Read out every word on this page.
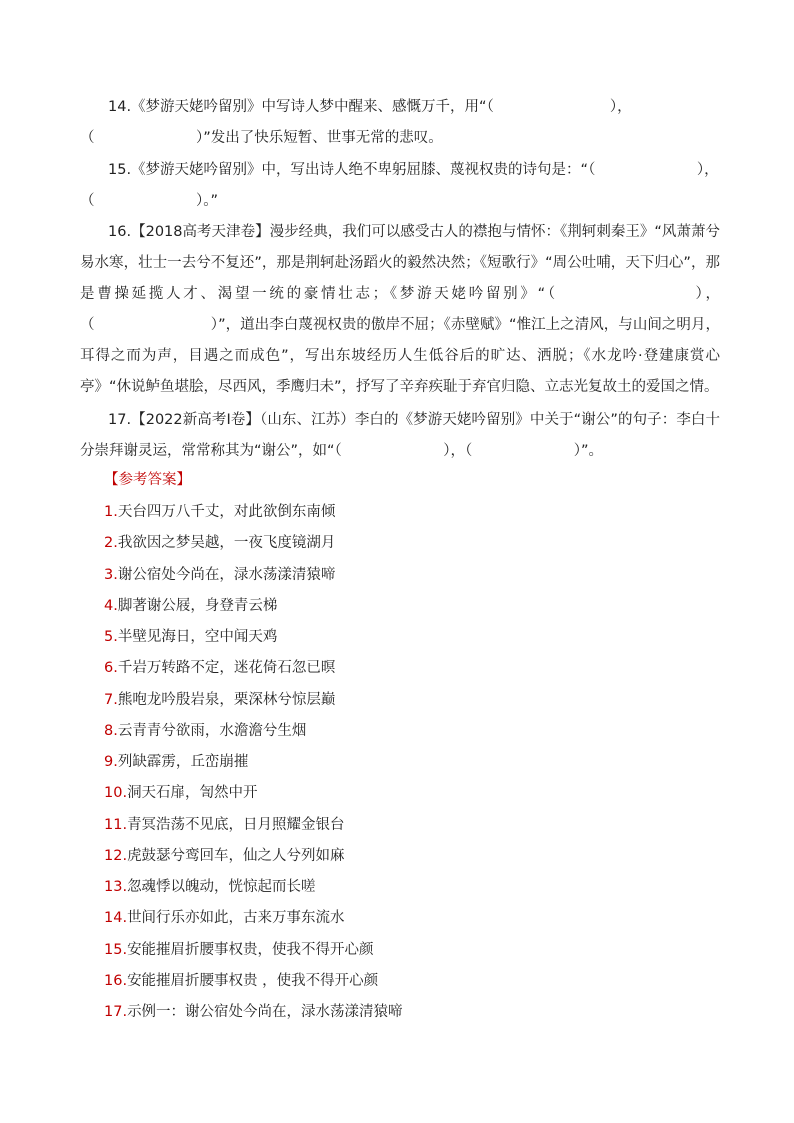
14.《梦游天姥吟留别》中写诗人梦中醒来、感慨万千，用“（　　　　　　　　），

（　　　　　　　）”发出了快乐短暂、世事无常的悲叹。

15.《梦游天姥吟留别》中，写出诗人绝不卑躬屈膝、蔑视权贵的诗句是：“（　　　　　　　），

（　　　　　　　）。”

16.【2018高考天津卷】漫步经典，我们可以感受古人的襟抱与情怀：《荆轲刺秦王》“风萧萧兮易水寒，壮士一去兮不复还”，那是荆轲赴汤蹈火的毅然决然；《短歌行》“周公吐哺，天下归心”，那是曹操延揽人才、渴望一统的豪情壮志；《梦游天姥吟留别》“（　　　　　　　　），（　　　　　　　　）”，道出李白蔑视权贵的傲岸不屈；《赤壁赋》“惟江上之清风，与山间之明月，耳得之而为声，目遇之而成色”，写出东坡经历人生低谷后的旷达、洒脱；《水龙吟·登建康赏心亭》“休说鲈鱼堪脍，尽西风，季鹰归未”，抒写了辛弃疾耻于弃官归隐、立志光复故土的爱国之情。

17.【2022新高考Ⅰ卷】（山东、江苏）李白的《梦游天姥吟留别》中关于“谢公”的句子：李白十分崇拜谢灵运，常常称其为“谢公”，如“（　　　　　　　），（　　　　　　　）”。

【参考答案】
1.天台四万八千丈，对此欲倒东南倾
2.我欲因之梦吴越，一夜飞度镜湖月
3.谢公宿处今尚在，渌水荡漾清猿啼
4.脚著谢公屐，身登青云梯
5.半壁见海日，空中闻天鸡
6.千岩万转路不定，迷花倚石忽已暝
7.熊咆龙吟殷岩泉，栗深林兮惊层巅
8.云青青兮欲雨，水澹澹兮生烟
9.列缺霹雳，丘峦崩摧
10.洞天石扉，訇然中开
11.青冥浩荡不见底，日月照耀金银台
12.虎鼓瑟兮鸾回车，仙之人兮列如麻
13.忽魂悸以魄动，恍惊起而长嗟
14.世间行乐亦如此，古来万事东流水
15.安能摧眉折腰事权贵，使我不得开心颜
16.安能摧眉折腰事权贵 ，使我不得开心颜
17.示例一：谢公宿处今尚在，渌水荡漾清猿啼
